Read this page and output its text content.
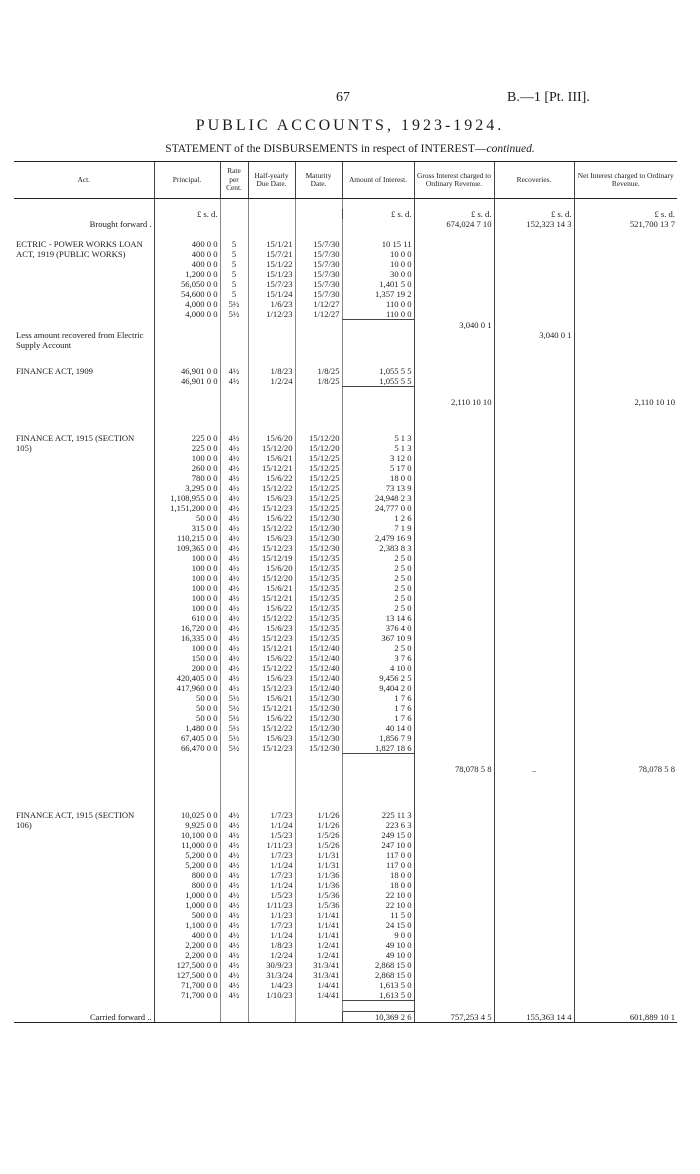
67	B.—1 [Pt. III].
PUBLIC ACCOUNTS, 1923-1924.
STATEMENT of the DISBURSEMENTS in respect of INTEREST—continued.
Act.	Principal.	Rate per Cent.	Half-yearly Due Date.	Maturity Date.	Amount of Interest.	Gross Interest charged to Ordinary Revenue.	Recoveries.	Net Interest charged to Ordinary Revenue.

	£ s. d.				£ s. d.	£ s. d.	£ s. d.	£ s. d.
Brought forward .						674,024 7 10	152,323 14 3	521,700 13 7

ECTRIC - POWER WORKS LOAN ACT, 1919 (PUBLIC WORKS)	400 0 0	5	15/1/21	15/7/30	10 15 11			
	400 0 0	5	15/7/21	15/7/30	10 0 0			
	400 0 0	5	15/1/22	15/7/30	10 0 0			
	1,200 0 0	5	15/1/23	15/7/30	30 0 0			
	56,050 0 0	5	15/7/23	15/7/30	1,401 5 0			
	54,600 0 0	5	15/1/24	15/7/30	1,357 19 2			
	4,000 0 0	5½	1/6/23	1/12/27	110 0 0			
	4,000 0 0	5½	1/12/23	1/12/27	110 0 0			
						3,040 0 1		
Less amount recovered from Electric Supply Account							3,040 0 1	

FINANCE ACT, 1909	46,901 0 0	4½	1/8/23	1/8/25	1,055 5 5			
	46,901 0 0	4½	1/2/24	1/8/25	1,055 5 5			

						2,110 10 10		2,110 10 10

FINANCE ACT, 1915 (SECTION 105)	225 0 0	4½	15/6/20	15/12/20	5 1 3			
	225 0 0	4½	15/12/20	15/12/20	5 1 3			
	100 0 0	4½	15/6/21	15/12/25	3 12 0			
	260 0 0	4½	15/12/21	15/12/25	5 17 0			
	780 0 0	4½	15/6/22	15/12/25	18 0 0			
	3,295 0 0	4½	15/12/22	15/12/25	73 13 9			
	1,108,955 0 0	4½	15/6/23	15/12/25	24,948 2 3			
	1,151,200 0 0	4½	15/12/23	15/12/25	24,777 0 0			
	50 0 0	4½	15/6/22	15/12/30	1 2 6			
	315 0 0	4½	15/12/22	15/12/30	7 1 9			
	110,215 0 0	4½	15/6/23	15/12/30	2,479 16 9			
	109,365 0 0	4½	15/12/23	15/12/30	2,383 8 3			
	100 0 0	4½	15/12/19	15/12/35	2 5 0			
	100 0 0	4½	15/6/20	15/12/35	2 5 0			
	100 0 0	4½	15/12/20	15/12/35	2 5 0			
	100 0 0	4½	15/6/21	15/12/35	2 5 0			
	100 0 0	4½	15/12/21	15/12/35	2 5 0			
	100 0 0	4½	15/6/22	15/12/35	2 5 0			
	610 0 0	4½	15/12/22	15/12/35	13 14 6			
	16,720 0 0	4½	15/6/23	15/12/35	376 4 0			
	16,335 0 0	4½	15/12/23	15/12/35	367 10 9			
	100 0 0	4½	15/12/21	15/12/40	2 5 0			
	150 0 0	4½	15/6/22	15/12/40	3 7 6			
	200 0 0	4½	15/12/22	15/12/40	4 10 0			
	420,405 0 0	4½	15/6/23	15/12/40	9,456 2 5			
	417,960 0 0	4½	15/12/23	15/12/40	9,404 2 0			
	50 0 0	5½	15/6/21	15/12/30	1 7 6			
	50 0 0	5½	15/12/21	15/12/30	1 7 6			
	50 0 0	5½	15/6/22	15/12/30	1 7 6			
	1,480 0 0	5½	15/12/22	15/12/30	40 14 0			
	67,405 0 0	5½	15/6/23	15/12/30	1,856 7 9			
	66,470 0 0	5½	15/12/23	15/12/30	1,827 18 6			

						78,078 5 8	..	78,078 5 8

FINANCE ACT, 1915 (SECTION 106)	10,025 0 0	4½	1/7/23	1/1/26	225 11 3			
	9,925 0 0	4½	1/1/24	1/1/26	223 6 3			
	10,100 0 0	4½	1/5/23	1/5/26	249 15 0			
	11,000 0 0	4½	1/11/23	1/5/26	247 10 0			
	5,200 0 0	4½	1/7/23	1/1/31	117 0 0			
	5,200 0 0	4½	1/1/24	1/1/31	117 0 0			
	800 0 0	4½	1/7/23	1/1/36	18 0 0			
	800 0 0	4½	1/1/24	1/1/36	18 0 0			
	1,000 0 0	4½	1/5/23	1/5/36	22 10 0			
	1,000 0 0	4½	1/11/23	1/5/36	22 10 0			
	500 0 0	4½	1/1/23	1/1/41	11 5 0			
	1,100 0 0	4½	1/7/23	1/1/41	24 15 0			
	400 0 0	4½	1/1/24	1/1/41	9 0 0			
	2,200 0 0	4½	1/8/23	1/2/41	49 10 0			
	2,200 0 0	4½	1/2/24	1/2/41	49 10 0			
	127,500 0 0	4½	30/9/23	31/3/41	2,868 15 0			
	127,500 0 0	4½	31/3/24	31/3/41	2,868 15 0			
	71,700 0 0	4½	1/4/23	1/4/41	1,613 5 0			
	71,700 0 0	4½	1/10/23	1/4/41	1,613 5 0			

Carried forward ..					10,369 2 6	757,253 4 5	155,363 14 4	601,889 10 1
